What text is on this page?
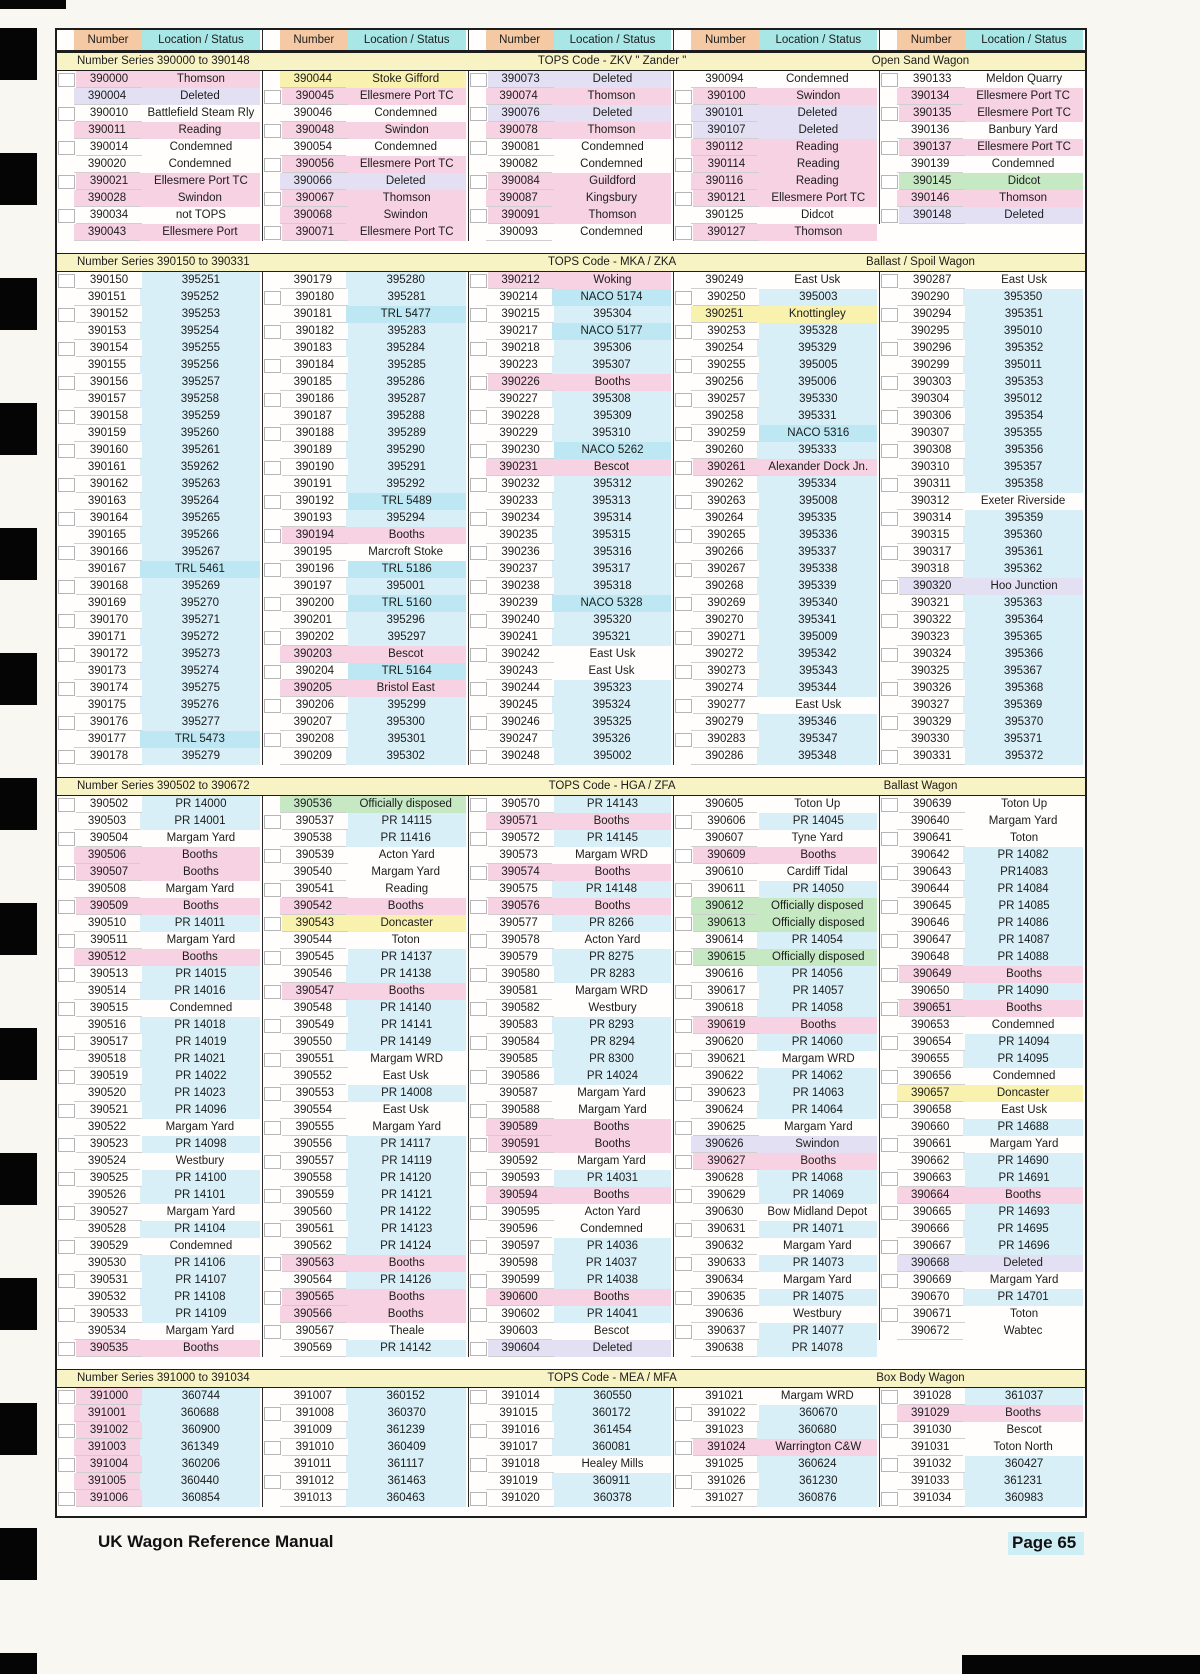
Number	Location / Status	Number	Location / Status	Number	Location / Status	Number	Location / Status	Number	Location / Status
Number Series 390000 to 390148	TOPS Code - ZKV " Zander "	Open Sand Wagon
390000	Thomson
390004	Deleted
390010	Battlefield Steam Rly
390011	Reading
390014	Condemned
390020	Condemned
390021	Ellesmere Port TC
390028	Swindon
390034	not TOPS
390043	Ellesmere Port
390044	Stoke Gifford
390045	Ellesmere Port TC
390046	Condemned
390048	Swindon
390054	Condemned
390056	Ellesmere Port TC
390066	Deleted
390067	Thomson
390068	Swindon
390071	Ellesmere Port TC
390073	Deleted
390074	Thomson
390076	Deleted
390078	Thomson
390081	Condemned
390082	Condemned
390084	Guildford
390087	Kingsbury
390091	Thomson
390093	Condemned
390094	Condemned
390100	Swindon
390101	Deleted
390107	Deleted
390112	Reading
390114	Reading
390116	Reading
390121	Ellesmere Port TC
390125	Didcot
390127	Thomson
390133	Meldon Quarry
390134	Ellesmere Port TC
390135	Ellesmere Port TC
390136	Banbury Yard
390137	Ellesmere Port TC
390139	Condemned
390145	Didcot
390146	Thomson
390148	Deleted
Number Series 390150 to 390331	TOPS Code - MKA / ZKA	Ballast / Spoil Wagon
390150	395251
390151	395252
390152	395253
390153	395254
390154	395255
390155	395256
390156	395257
390157	395258
390158	395259
390159	395260
390160	395261
390161	359262
390162	395263
390163	395264
390164	395265
390165	395266
390166	395267
390167	TRL 5461
390168	395269
390169	395270
390170	395271
390171	395272
390172	395273
390173	395274
390174	395275
390175	395276
390176	395277
390177	TRL 5473
390178	395279
390179	395280
390180	395281
390181	TRL 5477
390182	395283
390183	395284
390184	395285
390185	395286
390186	395287
390187	395288
390188	395289
390189	395290
390190	395291
390191	395292
390192	TRL 5489
390193	395294
390194	Booths
390195	Marcroft Stoke
390196	TRL 5186
390197	395001
390200	TRL 5160
390201	395296
390202	395297
390203	Bescot
390204	TRL 5164
390205	Bristol East
390206	395299
390207	395300
390208	395301
390209	395302
390212	Woking
390214	NACO 5174
390215	395304
390217	NACO 5177
390218	395306
390223	395307
390226	Booths
390227	395308
390228	395309
390229	395310
390230	NACO 5262
390231	Bescot
390232	395312
390233	395313
390234	395314
390235	395315
390236	395316
390237	395317
390238	395318
390239	NACO 5328
390240	395320
390241	395321
390242	East Usk
390243	East Usk
390244	395323
390245	395324
390246	395325
390247	395326
390248	395002
390249	East Usk
390250	395003
390251	Knottingley
390253	395328
390254	395329
390255	395005
390256	395006
390257	395330
390258	395331
390259	NACO 5316
390260	395333
390261	Alexander Dock Jn.
390262	395334
390263	395008
390264	395335
390265	395336
390266	395337
390267	395338
390268	395339
390269	395340
390270	395341
390271	395009
390272	395342
390273	395343
390274	395344
390277	East Usk
390279	395346
390283	395347
390286	395348
390287	East Usk
390290	395350
390294	395351
390295	395010
390296	395352
390299	395011
390303	395353
390304	395012
390306	395354
390307	395355
390308	395356
390310	395357
390311	395358
390312	Exeter Riverside
390314	395359
390315	395360
390317	395361
390318	395362
390320	Hoo Junction
390321	395363
390322	395364
390323	395365
390324	395366
390325	395367
390326	395368
390327	395369
390329	395370
390330	395371
390331	395372
Number Series 390502 to 390672	TOPS Code - HGA / ZFA	Ballast Wagon
390502	PR 14000
390503	PR 14001
390504	Margam Yard
390506	Booths
390507	Booths
390508	Margam Yard
390509	Booths
390510	PR 14011
390511	Margam Yard
390512	Booths
390513	PR 14015
390514	PR 14016
390515	Condemned
390516	PR 14018
390517	PR 14019
390518	PR 14021
390519	PR 14022
390520	PR 14023
390521	PR 14096
390522	Margam Yard
390523	PR 14098
390524	Westbury
390525	PR 14100
390526	PR 14101
390527	Margam Yard
390528	PR 14104
390529	Condemned
390530	PR 14106
390531	PR 14107
390532	PR 14108
390533	PR 14109
390534	Margam Yard
390535	Booths
390536	Officially disposed
390537	PR 14115
390538	PR 11416
390539	Acton Yard
390540	Margam Yard
390541	Reading
390542	Booths
390543	Doncaster
390544	Toton
390545	PR 14137
390546	PR 14138
390547	Booths
390548	PR 14140
390549	PR 14141
390550	PR 14149
390551	Margam WRD
390552	East Usk
390553	PR 14008
390554	East Usk
390555	Margam Yard
390556	PR 14117
390557	PR 14119
390558	PR 14120
390559	PR 14121
390560	PR 14122
390561	PR 14123
390562	PR 14124
390563	Booths
390564	PR 14126
390565	Booths
390566	Booths
390567	Theale
390569	PR 14142
390570	PR 14143
390571	Booths
390572	PR 14145
390573	Margam WRD
390574	Booths
390575	PR 14148
390576	Booths
390577	PR 8266
390578	Acton Yard
390579	PR 8275
390580	PR 8283
390581	Margam WRD
390582	Westbury
390583	PR 8293
390584	PR 8294
390585	PR 8300
390586	PR 14024
390587	Margam Yard
390588	Margam Yard
390589	Booths
390591	Booths
390592	Margam Yard
390593	PR 14031
390594	Booths
390595	Acton Yard
390596	Condemned
390597	PR 14036
390598	PR 14037
390599	PR 14038
390600	Booths
390602	PR 14041
390603	Bescot
390604	Deleted
390605	Toton Up
390606	PR 14045
390607	Tyne Yard
390609	Booths
390610	Cardiff Tidal
390611	PR 14050
390612	Officially disposed
390613	Officially disposed
390614	PR 14054
390615	Officially disposed
390616	PR 14056
390617	PR 14057
390618	PR 14058
390619	Booths
390620	PR 14060
390621	Margam WRD
390622	PR 14062
390623	PR 14063
390624	PR 14064
390625	Margam Yard
390626	Swindon
390627	Booths
390628	PR 14068
390629	PR 14069
390630	Bow Midland Depot
390631	PR 14071
390632	Margam Yard
390633	PR 14073
390634	Margam Yard
390635	PR 14075
390636	Westbury
390637	PR 14077
390638	PR 14078
390639	Toton Up
390640	Margam Yard
390641	Toton
390642	PR 14082
390643	PR14083
390644	PR 14084
390645	PR 14085
390646	PR 14086
390647	PR 14087
390648	PR 14088
390649	Booths
390650	PR 14090
390651	Booths
390653	Condemned
390654	PR 14094
390655	PR 14095
390656	Condemned
390657	Doncaster
390658	East Usk
390660	PR 14688
390661	Margam Yard
390662	PR 14690
390663	PR 14691
390664	Booths
390665	PR 14693
390666	PR 14695
390667	PR 14696
390668	Deleted
390669	Margam Yard
390670	PR 14701
390671	Toton
390672	Wabtec
Number Series 391000 to 391034	TOPS Code - MEA / MFA	Box Body Wagon
391000	360744
391001	360688
391002	360900
391003	361349
391004	360206
391005	360440
391006	360854
391007	360152
391008	360370
391009	361239
391010	360409
391011	361117
391012	361463
391013	360463
391014	360550
391015	360172
391016	361454
391017	360081
391018	Healey Mills
391019	360911
391020	360378
391021	Margam WRD
391022	360670
391023	360680
391024	Warrington C&W
391025	360624
391026	361230
391027	360876
391028	361037
391029	Booths
391030	Bescot
391031	Toton North
391032	360427
391033	361231
391034	360983
UK Wagon Reference Manual	Page 65
